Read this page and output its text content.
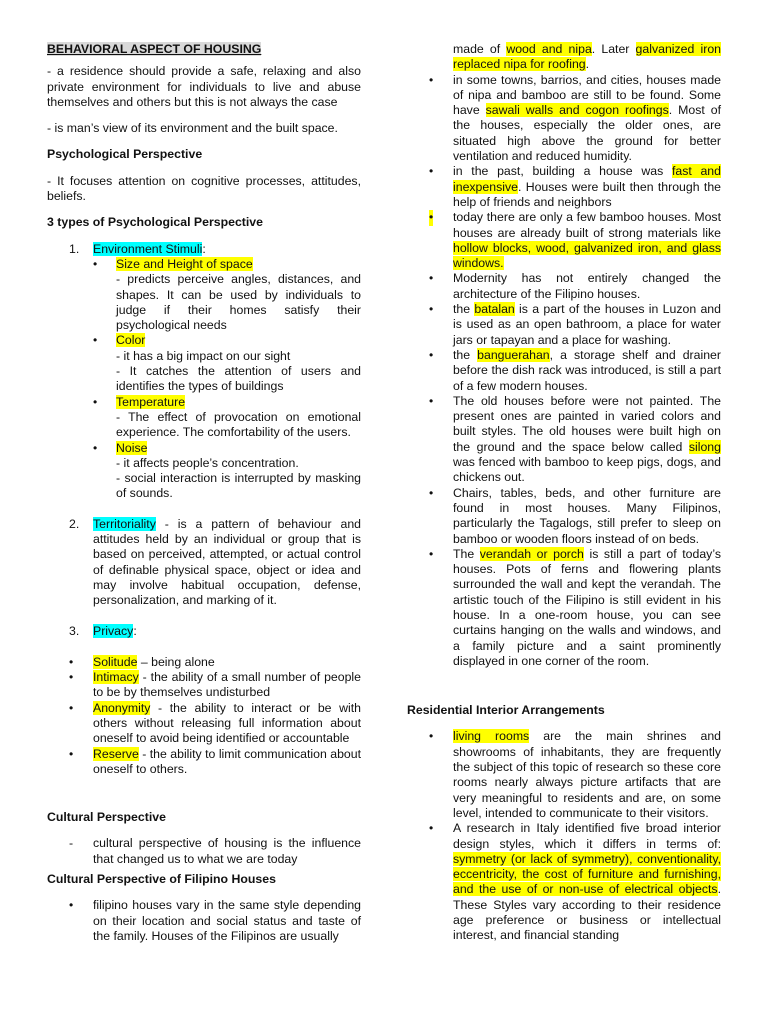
BEHAVIORAL ASPECT OF HOUSING

- a residence should provide a safe, relaxing and also private environment for individuals to live and abuse themselves and others but this is not always the case

- is man’s view of its environment and the built space.

Psychological Perspective

- It focuses attention on cognitive processes, attitudes, beliefs.

3 types of Psychological Perspective

1. Environment Stimuli:
• Size and Height of space

- predicts perceive angles, distances, and shapes. It can be used by individuals to judge if their homes satisfy their psychological needs

• Color

- it has a big impact on our sight

- It catches the attention of users and identifies the types of buildings

• Temperature

- The effect of provocation on emotional experience. The comfortability of the users.

• Noise

- it affects people’s concentration.

- social interaction is interrupted by masking of sounds.

2. Territoriality - is a pattern of behaviour and attitudes held by an individual or group that is based on perceived, attempted, or actual control of definable physical space, object or idea and may involve habitual occupation, defense, personalization, and marking of it.
3. Privacy:
• Solitude – being alone
• Intimacy - the ability of a small number of people to be by themselves undisturbed
• Anonymity - the ability to interact or be with others without releasing full information about oneself to avoid being identified or accountable
• Reserve - the ability to limit communication about oneself to others.

Cultural Perspective

- cultural perspective of housing is the influence that changed us to what we are today

Cultural Perspective of Filipino Houses

• filipino houses vary in the same style depending on their location and social status and taste of the family. Houses of the Filipinos are usually
made of wood and nipa. Later galvanized iron replaced nipa for roofing.
• in some towns, barrios, and cities, houses made of nipa and bamboo are still to be found. Some have sawali walls and cogon roofings. Most of the houses, especially the older ones, are situated high above the ground for better ventilation and reduced humidity.
• in the past, building a house was fast and inexpensive. Houses were built then through the help of friends and neighbors
• today there are only a few bamboo houses. Most houses are already built of strong materials like hollow blocks, wood, galvanized iron, and glass windows.
• Modernity has not entirely changed the architecture of the Filipino houses.
• the batalan is a part of the houses in Luzon and is used as an open bathroom, a place for water jars or tapayan and a place for washing.
• the banguerahan, a storage shelf and drainer before the dish rack was introduced, is still a part of a few modern houses.
• The old houses before were not painted. The present ones are painted in varied colors and built styles. The old houses were built high on the ground and the space below called silong was fenced with bamboo to keep pigs, dogs, and chickens out.
• Chairs, tables, beds, and other furniture are found in most houses. Many Filipinos, particularly the Tagalogs, still prefer to sleep on bamboo or wooden floors instead of on beds.
• The verandah or porch is still a part of today’s houses. Pots of ferns and flowering plants surrounded the wall and kept the verandah. The artistic touch of the Filipino is still evident in his house. In a one-room house, you can see curtains hanging on the walls and windows, and a family picture and a saint prominently displayed in one corner of the room.

Residential Interior Arrangements

• living rooms are the main shrines and showrooms of inhabitants, they are frequently the subject of this topic of research so these core rooms nearly always picture artifacts that are very meaningful to residents and are, on some level, intended to communicate to their visitors.
• A research in Italy identified five broad interior design styles, which it differs in terms of: symmetry (or lack of symmetry), conventionality, eccentricity, the cost of furniture and furnishing, and the use of or non-use of electrical objects. These Styles vary according to their residence age preference or business or intellectual interest, and financial standing
